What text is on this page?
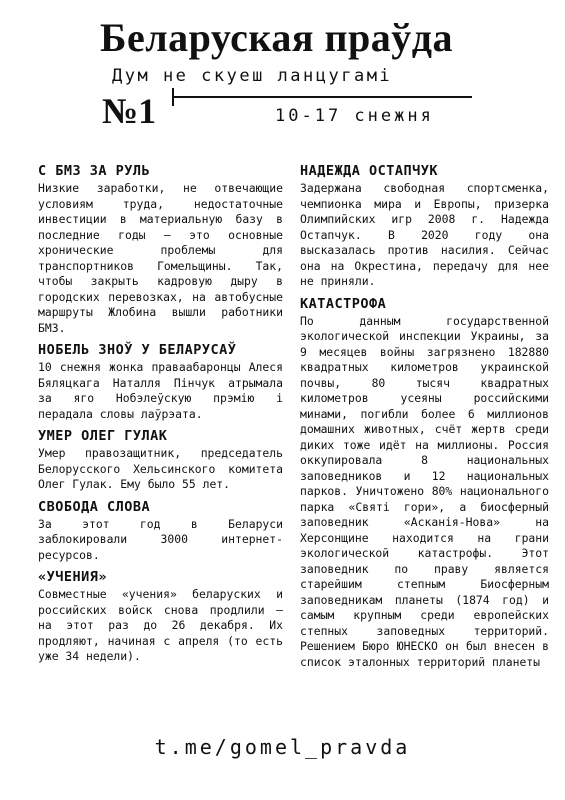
Беларуская праўда
Дум не скуеш ланцугамі
№1	10-17 снежня
С БМЗ ЗА РУЛЬ

Низкие заработки, не отвечающие условиям труда, недостаточные инвестиции в материальную базу в последние годы — это основные хронические проблемы для транспортников Гомельщины. Так, чтобы закрыть кадровую дыру в городских перевозках, на автобусные маршруты Жлобина вышли работники БМЗ.

НОБЕЛЬ ЗНОЎ У БЕЛАРУСАЎ

10 снежня жонка праваабаронцы Алеся Бяляцкага Наталля Пінчук атрымала за яго Нобэлеўскую прэмію і перадала словы лаўрэата.

УМЕР ОЛЕГ ГУЛАК

Умер правозащитник, председатель Белорусского Хельсинского комитета Олег Гулак. Ему было 55 лет.

СВОБОДА СЛОВА

За этот год в Беларуси заблокировали 3000 интернет-ресурсов.

«УЧЕНИЯ»

Совместные «учения» беларуских и российских войск снова продлили — на этот раз до 26 декабря. Их продляют, начиная с апреля (то есть уже 34 недели).

НАДЕЖДА ОСТАПЧУК

Задержана свободная спортсменка, чемпионка мира и Европы, призерка Олимпийских игр 2008 г. Надежда Остапчук. В 2020 году она высказалась против насилия. Сейчас она на Окрестина, передачу для нее не приняли.

КАТАСТРОФА

По данным государственной экологической инспекции Украины, за 9 месяцев войны загрязнено 182880 квадратных километров украинской почвы, 80 тысяч квадратных километров усеяны российскими минами, погибли более 6 миллионов домашних животных, счёт жертв среди диких тоже идёт на миллионы. Россия оккупировала 8 национальных заповедников и 12 национальных парков. Уничтожено 80% национального парка «Святі гори», а биосферный заповедник «Асканія-Нова» на Херсонщине находится на грани экологической катастрофы. Этот заповедник по праву является старейшим степным Биосферным заповедникам планеты (1874 год) и самым крупным среди европейских степных заповедных территорий. Решением Бюро ЮНЕСКО он был внесен в список эталонных территорий планеты

t.me/gomel_pravda
